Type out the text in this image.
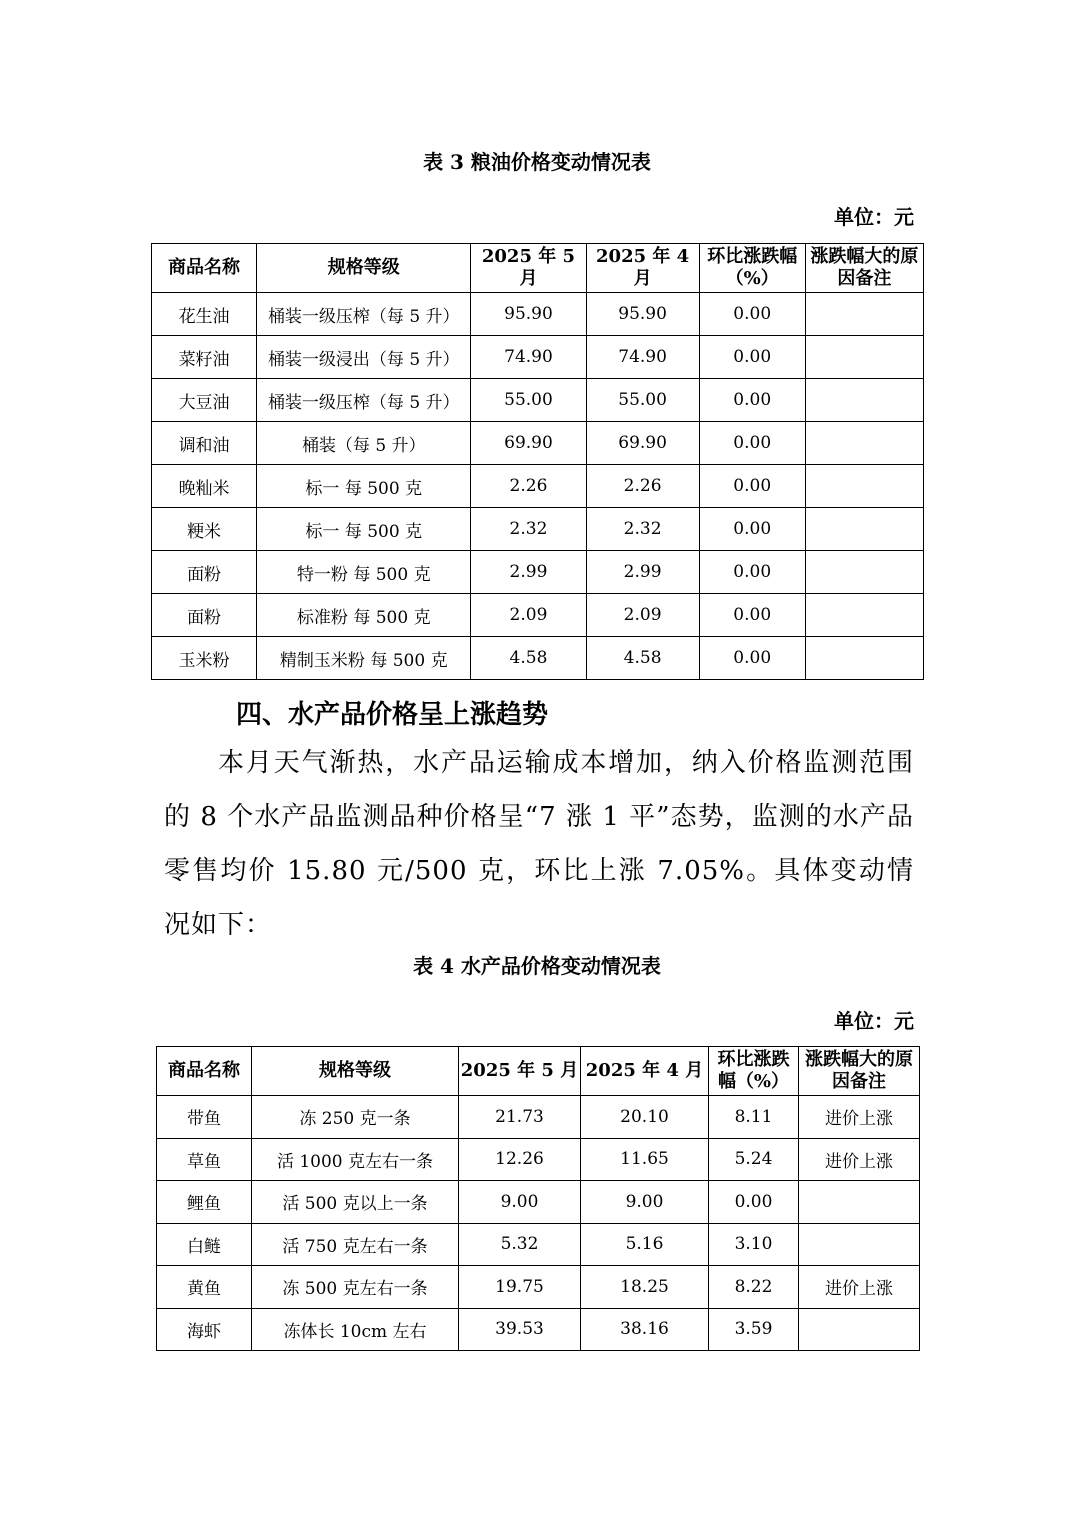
表 3 粮油价格变动情况表
单位：元
商品名称	规格等级	2025 年 5 月	2025 年 4 月	环比涨跌幅（%）	涨跌幅大的原因备注
花生油	桶装一级压榨（每 5 升）	95.90	95.90	0.00	
菜籽油	桶装一级浸出（每 5 升）	74.90	74.90	0.00	
大豆油	桶装一级压榨（每 5 升）	55.00	55.00	0.00	
调和油	桶装（每 5 升）	69.90	69.90	0.00	
晚籼米	标一 每 500 克	2.26	2.26	0.00	
粳米	标一 每 500 克	2.32	2.32	0.00	
面粉	特一粉 每 500 克	2.99	2.99	0.00	
面粉	标准粉 每 500 克	2.09	2.09	0.00	
玉米粉	精制玉米粉 每 500 克	4.58	4.58	0.00	
四、水产品价格呈上涨趋势
本月天气渐热，水产品运输成本增加，纳入价格监测范围的 8 个水产品监测品种价格呈“7 涨 1 平”态势，监测的水产品零售均价 15.80 元/500 克，环比上涨 7.05%。具体变动情况如下：
表 4 水产品价格变动情况表
单位：元
商品名称	规格等级	2025 年 5 月	2025 年 4 月	环比涨跌幅（%）	涨跌幅大的原因备注
带鱼	冻 250 克一条	21.73	20.10	8.11	进价上涨
草鱼	活 1000 克左右一条	12.26	11.65	5.24	进价上涨
鲤鱼	活 500 克以上一条	9.00	9.00	0.00	
白鲢	活 750 克左右一条	5.32	5.16	3.10	
黄鱼	冻 500 克左右一条	19.75	18.25	8.22	进价上涨
海虾	冻体长 10cm 左右	39.53	38.16	3.59	
